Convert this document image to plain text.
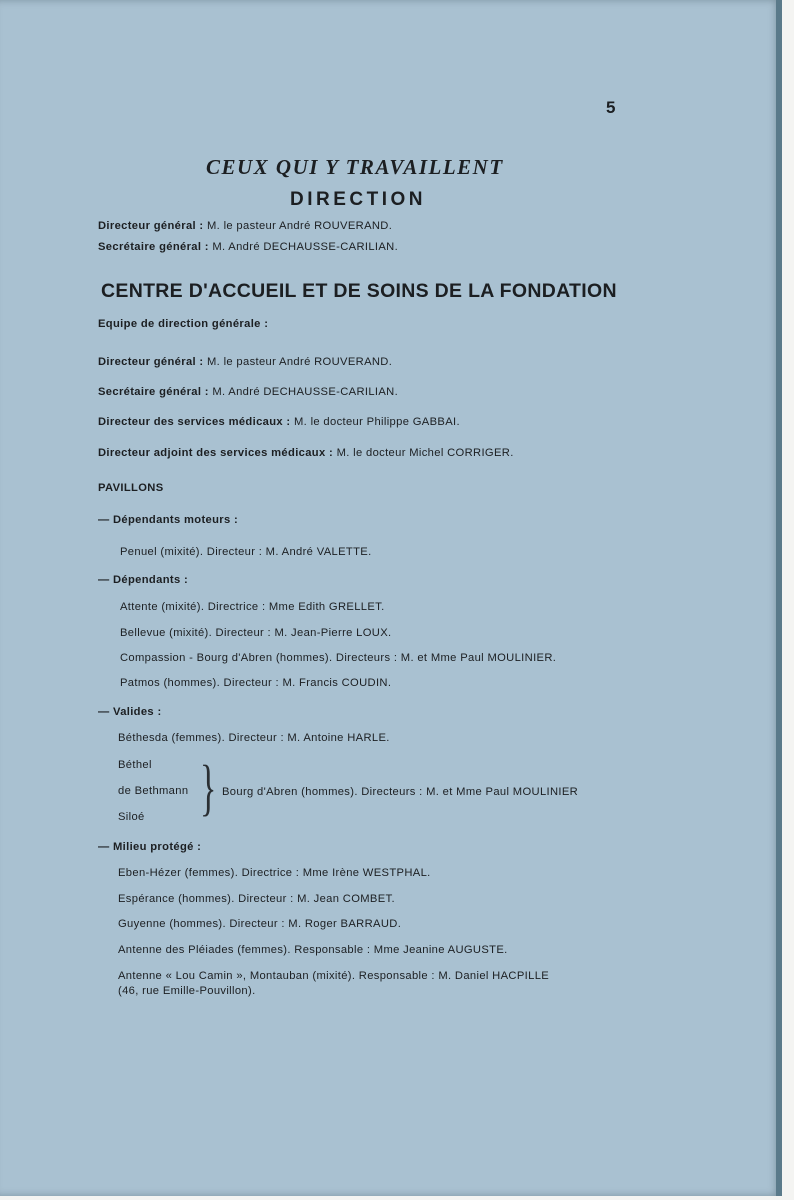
5
CEUX QUI Y TRAVAILLENT
DIRECTION
Directeur général : M. le pasteur André ROUVERAND.
Secrétaire général : M. André DECHAUSSE-CARILIAN.
CENTRE D'ACCUEIL ET DE SOINS DE LA FONDATION
Equipe de direction générale :
Directeur général : M. le pasteur André ROUVERAND.
Secrétaire général : M. André DECHAUSSE-CARILIAN.
Directeur des services médicaux : M. le docteur Philippe GABBAI.
Directeur adjoint des services médicaux : M. le docteur Michel CORRIGER.
PAVILLONS
— Dépendants moteurs :
Penuel (mixité). Directeur : M. André VALETTE.
— Dépendants :
Attente (mixité). Directrice : Mme Edith GRELLET.
Bellevue (mixité). Directeur : M. Jean-Pierre LOUX.
Compassion - Bourg d'Abren (hommes). Directeurs : M. et Mme Paul MOULINIER.
Patmos (hommes). Directeur : M. Francis COUDIN.
— Valides :
Béthesda (femmes). Directeur : M. Antoine HARLE.
Béthel
de Bethmann
Siloé } Bourg d'Abren (hommes). Directeurs : M. et Mme Paul MOULINIER
— Milieu protégé :
Eben-Hézer (femmes). Directrice : Mme Irène WESTPHAL.
Espérance (hommes). Directeur : M. Jean COMBET.
Guyenne (hommes). Directeur : M. Roger BARRAUD.
Antenne des Pléiades (femmes). Responsable : Mme Jeanine AUGUSTE.
Antenne « Lou Camin », Montauban (mixité). Responsable : M. Daniel HACPILLE
(46, rue Emille-Pouvillon).
